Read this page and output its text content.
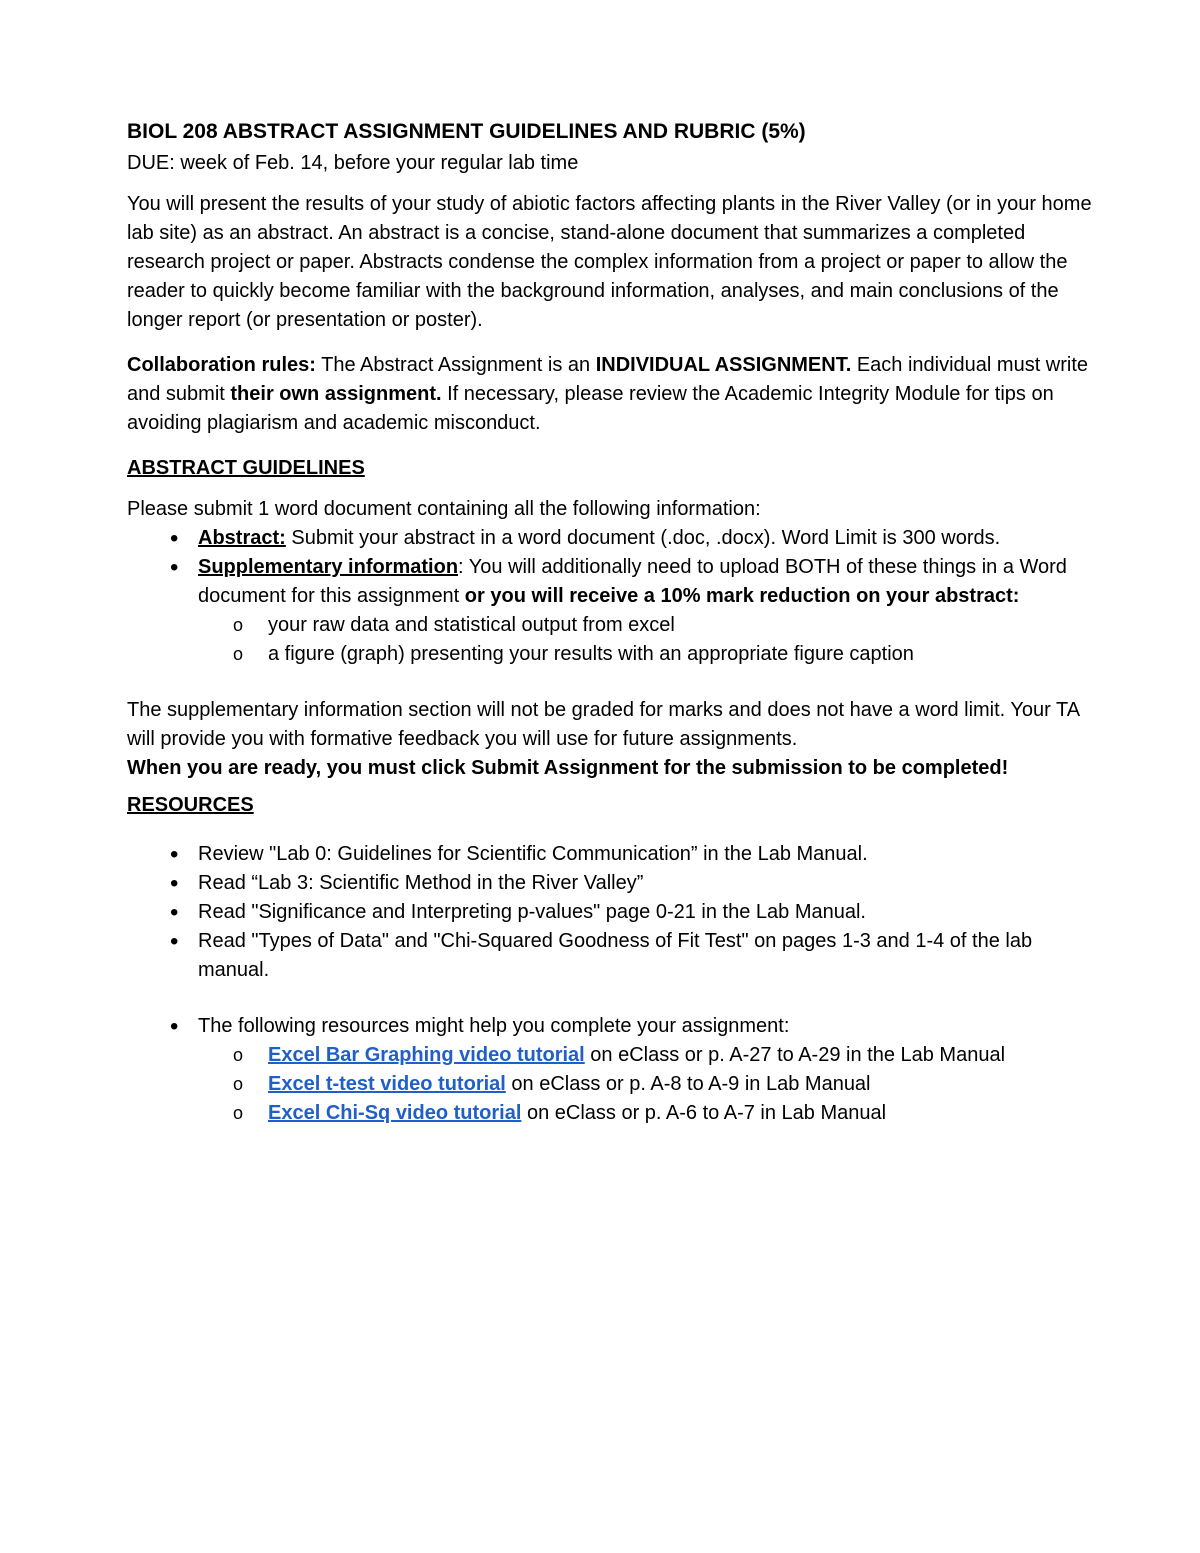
BIOL 208 ABSTRACT ASSIGNMENT GUIDELINES AND RUBRIC (5%)

DUE: week of Feb. 14, before your regular lab time

You will present the results of your study of abiotic factors affecting plants in the River Valley (or in your home lab site) as an abstract. An abstract is a concise, stand-alone document that summarizes a completed research project or paper. Abstracts condense the complex information from a project or paper to allow the reader to quickly become familiar with the background information, analyses, and main conclusions of the longer report (or presentation or poster).

Collaboration rules: The Abstract Assignment is an INDIVIDUAL ASSIGNMENT. Each individual must write and submit their own assignment. If necessary, please review the Academic Integrity Module for tips on avoiding plagiarism and academic misconduct.

ABSTRACT GUIDELINES

Please submit 1 word document containing all the following information:

• Abstract: Submit your abstract in a word document (.doc, .docx). Word Limit is 300 words.
• Supplementary information: You will additionally need to upload BOTH of these things in a Word document for this assignment or you will receive a 10% mark reduction on your abstract:
o your raw data and statistical output from excel
o a figure (graph) presenting your results with an appropriate figure caption

The supplementary information section will not be graded for marks and does not have a word limit. Your TA will provide you with formative feedback you will use for future assignments.
When you are ready, you must click Submit Assignment for the submission to be completed!

RESOURCES
• Review "Lab 0: Guidelines for Scientific Communication” in the Lab Manual.
• Read “Lab 3: Scientific Method in the River Valley”
• Read "Significance and Interpreting p-values" page 0-21 in the Lab Manual.
• Read "Types of Data" and "Chi-Squared Goodness of Fit Test" on pages 1-3 and 1-4 of the lab manual.
• The following resources might help you complete your assignment:
o Excel Bar Graphing video tutorial on eClass or p. A-27 to A-29 in the Lab Manual
o Excel t-test video tutorial on eClass or p. A-8 to A-9 in Lab Manual
o Excel Chi-Sq video tutorial on eClass or p. A-6 to A-7 in Lab Manual
